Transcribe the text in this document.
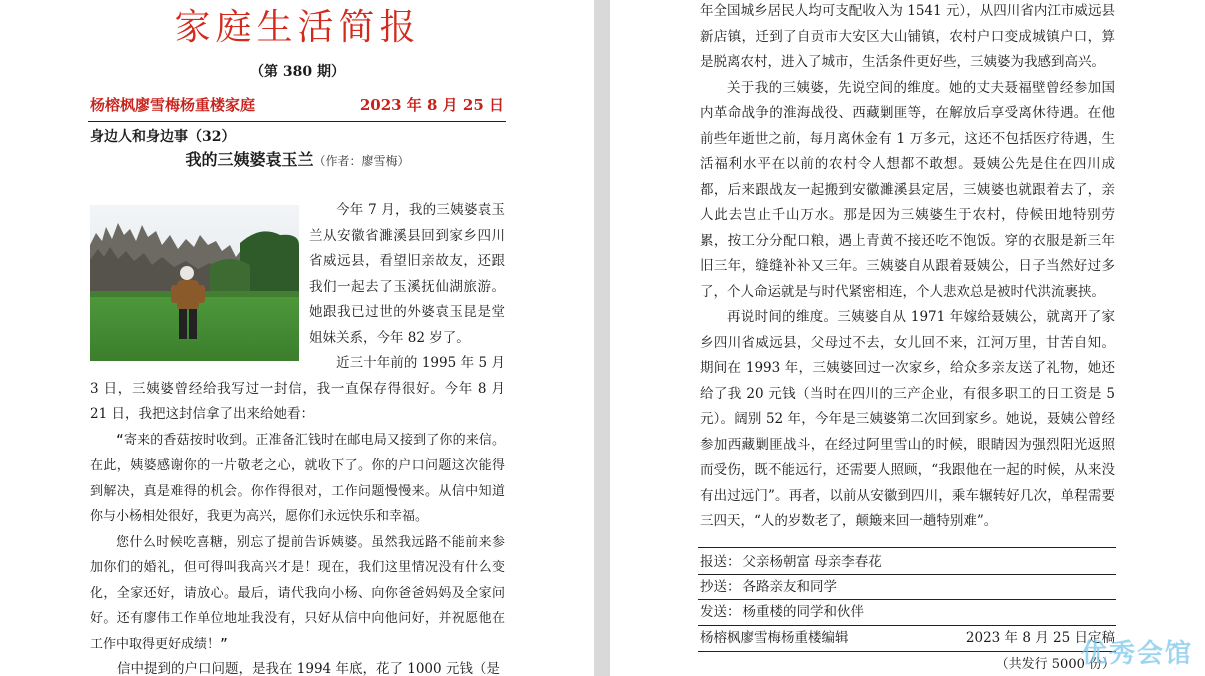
家庭生活简报
（第 380 期）
杨榕枫廖雪梅杨重楼家庭	2023 年 8 月 25 日
身边人和身边事（32）
我的三姨婆袁玉兰（作者：廖雪梅）

今年 7 月，我的三姨婆袁玉兰从安徽省濉溪县回到家乡四川省威远县，看望旧亲故友，还跟我们一起去了玉溪抚仙湖旅游。她跟我已过世的外婆袁玉昆是堂姐妹关系，今年 82 岁了。

近三十年前的 1995 年 5 月 3 日，三姨婆曾经给我写过一封信，我一直保存得很好。今年 8 月 21 日，我把这封信拿了出来给她看：

“寄来的香菇按时收到。正准备汇钱时在邮电局又接到了你的来信。在此，姨婆感谢你的一片敬老之心，就收下了。你的户口问题这次能得到解决，真是难得的机会。你作得很对，工作问题慢慢来。从信中知道你与小杨相处很好，我更为高兴，愿你们永远快乐和幸福。

您什么时候吃喜糖，别忘了提前告诉姨婆。虽然我远路不能前来参加你们的婚礼，但可得叫我高兴才是！现在，我们这里情况没有什么变化，全家还好，请放心。最后，请代我向小杨、向你爸爸妈妈及全家问好。还有廖伟工作单位地址我没有，只好从信中向他问好，并祝愿他在工作中取得更好成绩！”

信中提到的户口问题，是我在 1994 年底，花了 1000 元钱（是

年全国城乡居民人均可支配收入为 1541 元），从四川省内江市威远县新店镇，迁到了自贡市大安区大山铺镇，农村户口变成城镇户口，算是脱离农村，进入了城市，生活条件更好些，三姨婆为我感到高兴。

关于我的三姨婆，先说空间的维度。她的丈夫聂福壁曾经参加国内革命战争的淮海战役、西藏剿匪等，在解放后享受离休待遇。在他前些年逝世之前，每月离休金有 1 万多元，这还不包括医疗待遇，生活福利水平在以前的农村令人想都不敢想。聂姨公先是住在四川成都，后来跟战友一起搬到安徽濉溪县定居，三姨婆也就跟着去了，亲人此去岂止千山万水。那是因为三姨婆生于农村，侍候田地特别劳累，按工分分配口粮，遇上青黄不接还吃不饱饭。穿的衣服是新三年旧三年，缝缝补补又三年。三姨婆自从跟着聂姨公，日子当然好过多了，个人命运就是与时代紧密相连，个人悲欢总是被时代洪流裹挟。

再说时间的维度。三姨婆自从 1971 年嫁给聂姨公，就离开了家乡四川省威远县，父母过不去，女儿回不来，江河万里，甘苦自知。期间在 1993 年，三姨婆回过一次家乡，给众多亲友送了礼物，她还给了我 20 元钱（当时在四川的三产企业，有很多职工的日工资是 5 元）。阔别 52 年，今年是三姨婆第二次回到家乡。她说，聂姨公曾经参加西藏剿匪战斗，在经过阿里雪山的时候，眼睛因为强烈阳光返照而受伤，既不能远行，还需要人照顾，“我跟他在一起的时候，从来没有出过远门”。再者，以前从安徽到四川，乘车辗转好几次，单程需要三四天，“人的岁数老了，颠簸来回一趟特别难”。

报送： 父亲杨朝富 母亲李春花
抄送： 各路亲友和同学
发送： 杨重楼的同学和伙伴
杨榕枫廖雪梅杨重楼编辑	2023 年 8 月 25 日定稿
（共发行 5000 份）
优秀会馆
